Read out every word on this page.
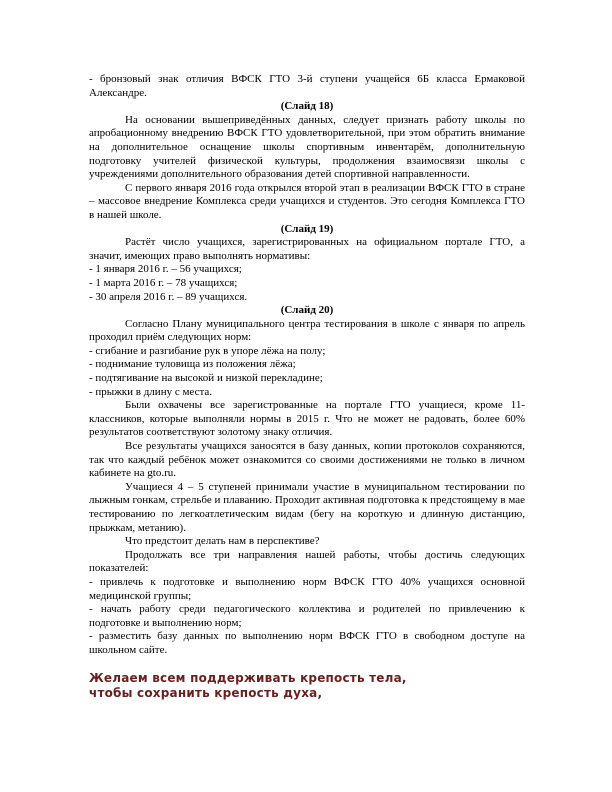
- бронзовый знак отличия ВФСК ГТО 3-й ступени учащейся 6Б класса Ермаковой Александре.

(Слайд 18)

На основании вышеприведённых данных, следует признать работу школы по апробационному внедрению ВФСК ГТО удовлетворительной, при этом обратить внимание на дополнительное оснащение школы спортивным инвентарём, дополнительную подготовку учителей физической культуры, продолжения взаимосвязи школы с учреждениями дополнительного образования детей спортивной направленности.

С первого января 2016 года открылся второй этап в реализации ВФСК ГТО в стране – массовое внедрение Комплекса среди учащихся и студентов. Это сегодня Комплекса ГТО в нашей школе.

(Слайд 19)

Растёт число учащихся, зарегистрированных на официальном портале ГТО, а значит, имеющих право выполнять нормативы:

- 1 января 2016 г. – 56 учащихся;

- 1 марта 2016 г. – 78 учащихся;

- 30 апреля 2016 г. – 89 учащихся.

(Слайд 20)

Согласно Плану муниципального центра тестирования в школе с января по апрель проходил приём следующих норм:

- сгибание и разгибание рук в упоре лёжа на полу;

- поднимание туловища из положения лёжа;

- подтягивание на высокой и низкой перекладине;

- прыжки в длину с места.

Были охвачены все зарегистрованные на портале ГТО учащиеся, кроме 11-классников, которые выполняли нормы в 2015 г. Что не может не радовать, более 60% результатов соответствуют золотому знаку отличия.

Все результаты учащихся заносятся в базу данных, копии протоколов сохраняются, так что каждый ребёнок может ознакомится со своими достижениями не только в личном кабинете на gto.ru.

Учащиеся 4 – 5 ступеней принимали участие в муниципальном тестировании по лыжным гонкам, стрельбе и плаванию. Проходит активная подготовка к предстоящему в мае тестированию по легкоатлетическим видам (бегу на короткую и длинную дистанцию, прыжкам, метанию).

Что предстоит делать нам в перспективе?

Продолжать все три направления нашей работы, чтобы достичь следующих показателей:

- привлечь к подготовке и выполнению норм ВФСК ГТО 40% учащихся основной медицинской группы;

- начать работу среди педагогического коллектива и родителей по привлечению к подготовке и выполнению норм;

- разместить базу данных по выполнению норм ВФСК ГТО в свободном доступе на школьном сайте.

Желаем всем поддерживать крепость тела,
чтобы сохранить крепость духа,
